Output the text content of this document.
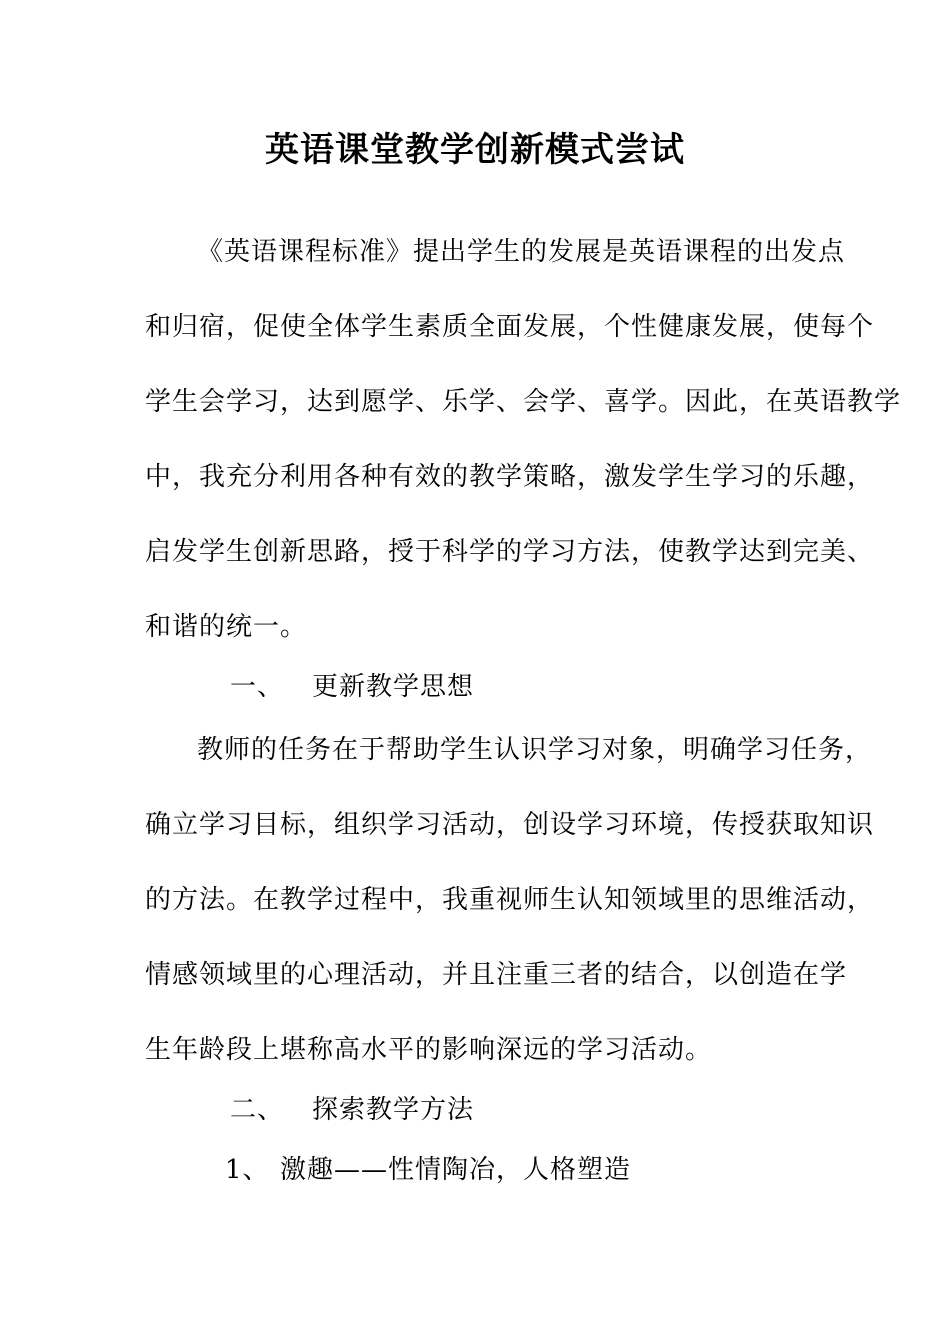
英语课堂教学创新模式尝试

《英语课程标准》提出学生的发展是英语课程的出发点

和归宿，促使全体学生素质全面发展，个性健康发展，使每个

学生会学习，达到愿学、乐学、会学、喜学。因此，在英语教学

中，我充分利用各种有效的教学策略，激发学生学习的乐趣，

启发学生创新思路，授于科学的学习方法，使教学达到完美、

和谐的统一。

一、 更新教学思想

教师的任务在于帮助学生认识学习对象，明确学习任务，

确立学习目标，组织学习活动，创设学习环境，传授获取知识

的方法。在教学过程中，我重视师生认知领域里的思维活动，

情感领域里的心理活动，并且注重三者的结合，以创造在学

生年龄段上堪称高水平的影响深远的学习活动。

二、 探索教学方法
1、 激趣——性情陶冶，人格塑造
